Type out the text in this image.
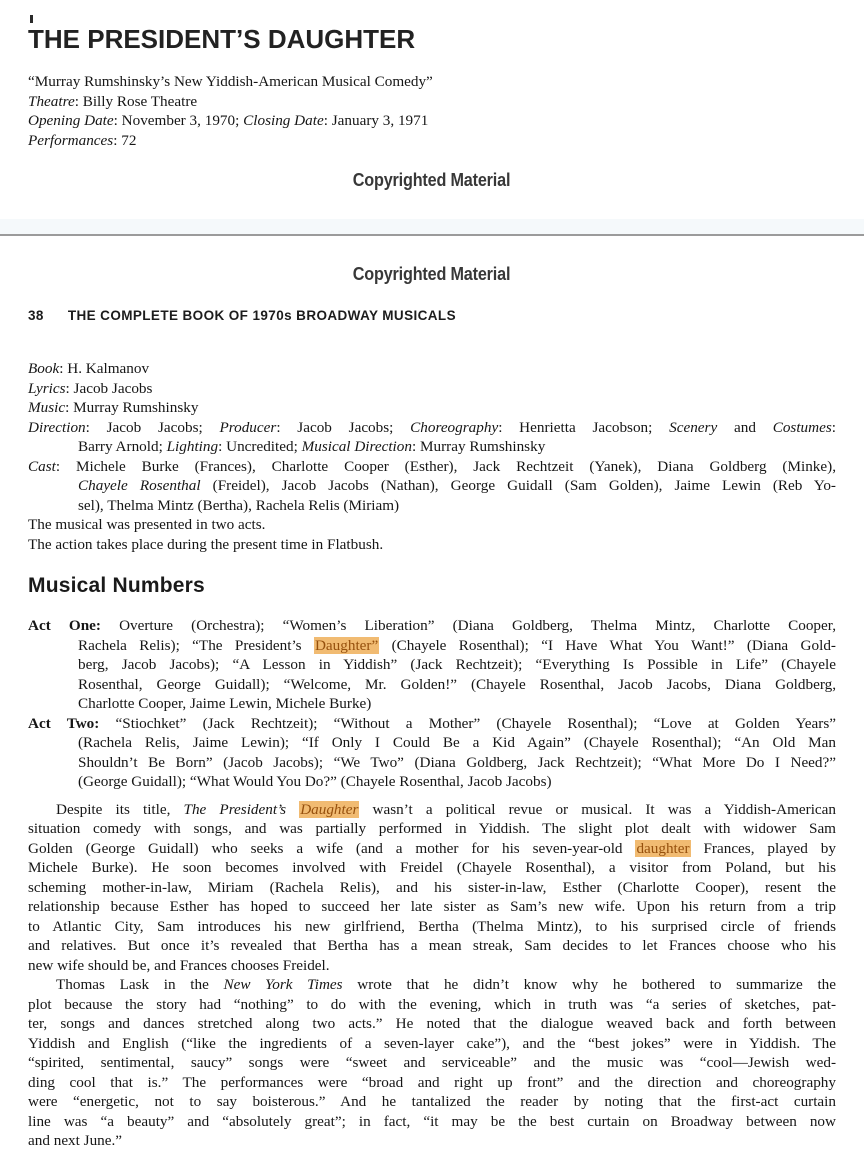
THE PRESIDENT’S DAUGHTER
“Murray Rumshinsky’s New Yiddish-American Musical Comedy”
Theatre: Billy Rose Theatre
Opening Date: November 3, 1970; Closing Date: January 3, 1971
Performances: 72
Copyrighted Material
Copyrighted Material
38 THE COMPLETE BOOK OF 1970s BROADWAY MUSICALS
Book: H. Kalmanov
Lyrics: Jacob Jacobs
Music: Murray Rumshinsky
Direction: Jacob Jacobs; Producer: Jacob Jacobs; Choreography: Henrietta Jacobson; Scenery and Costumes:
Barry Arnold; Lighting: Uncredited; Musical Direction: Murray Rumshinsky
Cast: Michele Burke (Frances), Charlotte Cooper (Esther), Jack Rechtzeit (Yanek), Diana Goldberg (Minke),
Chayele Rosenthal (Freidel), Jacob Jacobs (Nathan), George Guidall (Sam Golden), Jaime Lewin (Reb Yo-
sel), Thelma Mintz (Bertha), Rachela Relis (Miriam)
The musical was presented in two acts.
The action takes place during the present time in Flatbush.
Musical Numbers
Act One: Overture (Orchestra); “Women’s Liberation” (Diana Goldberg, Thelma Mintz, Charlotte Cooper,
Rachela Relis); “The President’s Daughter” (Chayele Rosenthal); “I Have What You Want!” (Diana Gold-
berg, Jacob Jacobs); “A Lesson in Yiddish” (Jack Rechtzeit); “Everything Is Possible in Life” (Chayele
Rosenthal, George Guidall); “Welcome, Mr. Golden!” (Chayele Rosenthal, Jacob Jacobs, Diana Goldberg,
Charlotte Cooper, Jaime Lewin, Michele Burke)
Act Two: “Stiochket” (Jack Rechtzeit); “Without a Mother” (Chayele Rosenthal); “Love at Golden Years”
(Rachela Relis, Jaime Lewin); “If Only I Could Be a Kid Again” (Chayele Rosenthal); “An Old Man
Shouldn’t Be Born” (Jacob Jacobs); “We Two” (Diana Goldberg, Jack Rechtzeit); “What More Do I Need?”
(George Guidall); “What Would You Do?” (Chayele Rosenthal, Jacob Jacobs)
Despite its title, The President’s Daughter wasn’t a political revue or musical. It was a Yiddish-American
situation comedy with songs, and was partially performed in Yiddish. The slight plot dealt with widower Sam
Golden (George Guidall) who seeks a wife (and a mother for his seven-year-old daughter Frances, played by
Michele Burke). He soon becomes involved with Freidel (Chayele Rosenthal), a visitor from Poland, but his
scheming mother-in-law, Miriam (Rachela Relis), and his sister-in-law, Esther (Charlotte Cooper), resent the
relationship because Esther has hoped to succeed her late sister as Sam’s new wife. Upon his return from a trip
to Atlantic City, Sam introduces his new girlfriend, Bertha (Thelma Mintz), to his surprised circle of friends
and relatives. But once it’s revealed that Bertha has a mean streak, Sam decides to let Frances choose who his
new wife should be, and Frances chooses Freidel.
Thomas Lask in the New York Times wrote that he didn’t know why he bothered to summarize the
plot because the story had “nothing” to do with the evening, which in truth was “a series of sketches, pat-
ter, songs and dances stretched along two acts.” He noted that the dialogue weaved back and forth between
Yiddish and English (“like the ingredients of a seven-layer cake”), and the “best jokes” were in Yiddish. The
“spirited, sentimental, saucy” songs were “sweet and serviceable” and the music was “cool—Jewish wed-
ding cool that is.” The performances were “broad and right up front” and the direction and choreography
were “energetic, not to say boisterous.” And he tantalized the reader by noting that the first-act curtain
line was “a beauty” and “absolutely great”; in fact, “it may be the best curtain on Broadway between now
and next June.”
